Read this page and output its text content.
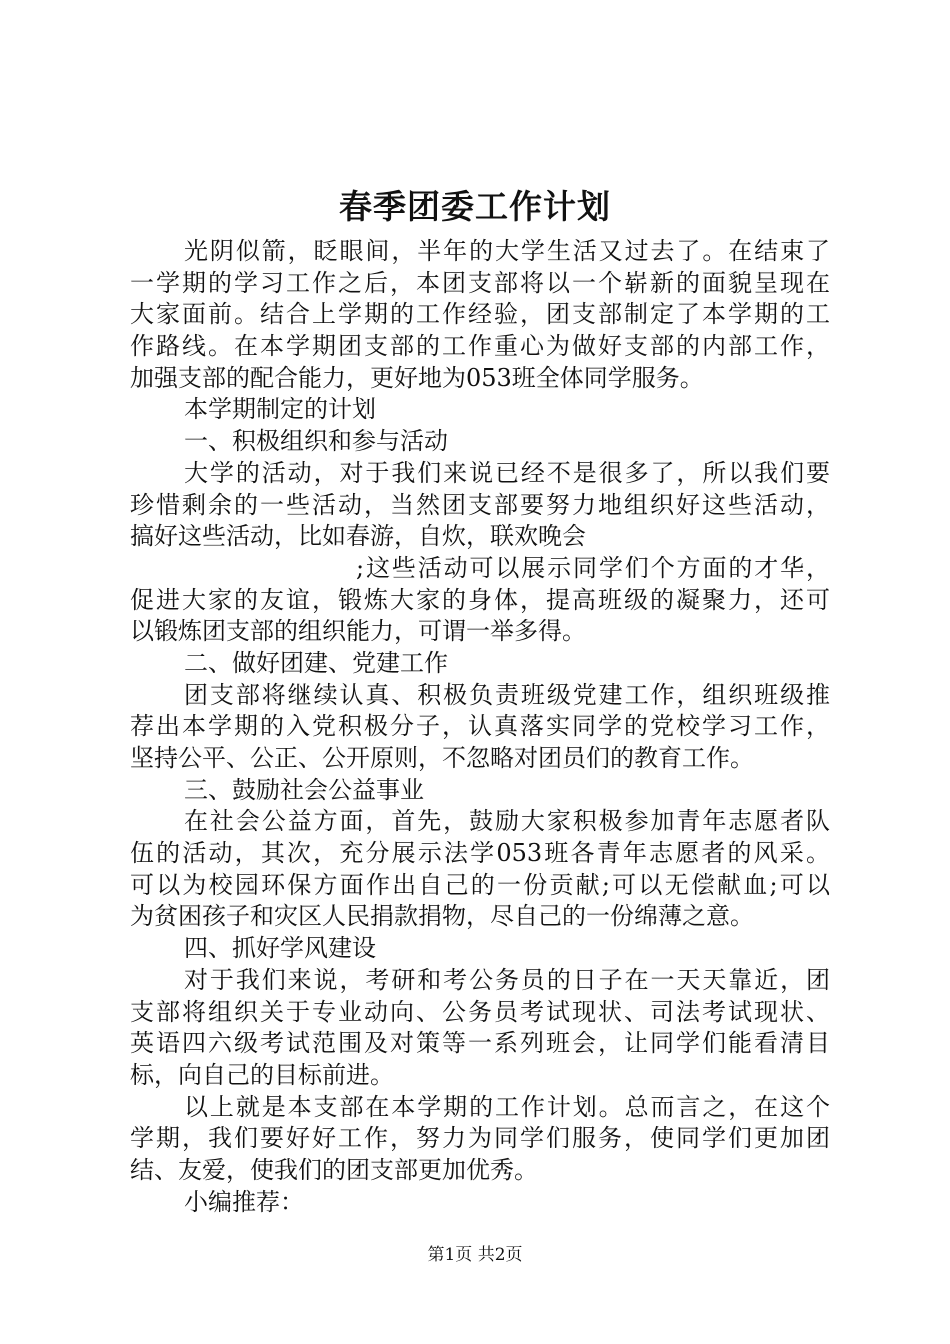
春季团委工作计划
光阴似箭，眨眼间，半年的大学生活又过去了。在结束了
一学期的学习工作之后，本团支部将以一个崭新的面貌呈现在
大家面前。结合上学期的工作经验，团支部制定了本学期的工
作路线。在本学期团支部的工作重心为做好支部的内部工作，
加强支部的配合能力，更好地为053班全体同学服务。
本学期制定的计划
一、积极组织和参与活动
大学的活动，对于我们来说已经不是很多了，所以我们要
珍惜剩余的一些活动，当然团支部要努力地组织好这些活动，
搞好这些活动，比如春游，自炊，联欢晚会
;这些活动可以展示同学们个方面的才华，
促进大家的友谊，锻炼大家的身体，提高班级的凝聚力，还可
以锻炼团支部的组织能力，可谓一举多得。
二、做好团建、党建工作
团支部将继续认真、积极负责班级党建工作，组织班级推
荐出本学期的入党积极分子，认真落实同学的党校学习工作，
坚持公平、公正、公开原则，不忽略对团员们的教育工作。
三、鼓励社会公益事业
在社会公益方面，首先，鼓励大家积极参加青年志愿者队
伍的活动，其次，充分展示法学053班各青年志愿者的风采。
可以为校园环保方面作出自己的一份贡献;可以无偿献血;可以
为贫困孩子和灾区人民捐款捐物，尽自己的一份绵薄之意。
四、抓好学风建设
对于我们来说，考研和考公务员的日子在一天天靠近，团
支部将组织关于专业动向、公务员考试现状、司法考试现状、
英语四六级考试范围及对策等一系列班会，让同学们能看清目
标，向自己的目标前进。
以上就是本支部在本学期的工作计划。总而言之，在这个
学期，我们要好好工作，努力为同学们服务，使同学们更加团
结、友爱，使我们的团支部更加优秀。
小编推荐：
第1页 共2页
